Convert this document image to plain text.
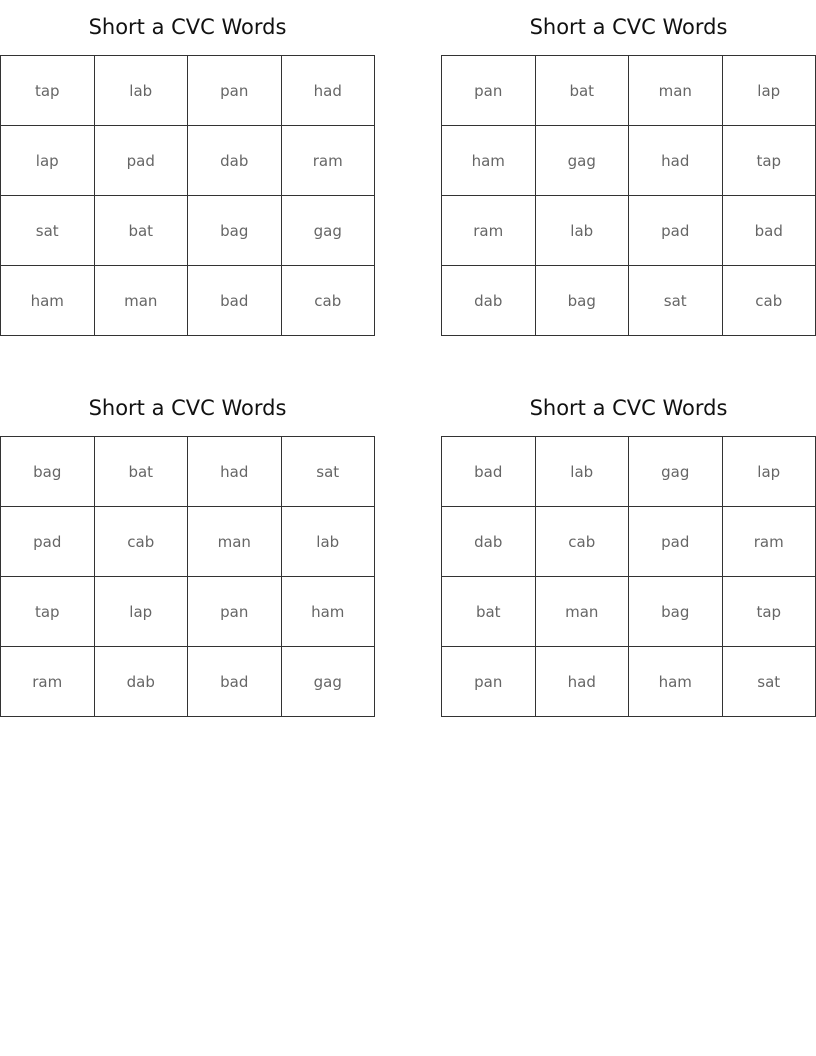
Short a CVC Words
tap	lab	pan	had
lap	pad	dab	ram
sat	bat	bag	gag
ham	man	bad	cab
Short a CVC Words
pan	bat	man	lap
ham	gag	had	tap
ram	lab	pad	bad
dab	bag	sat	cab
Short a CVC Words
bag	bat	had	sat
pad	cab	man	lab
tap	lap	pan	ham
ram	dab	bad	gag
Short a CVC Words
bad	lab	gag	lap
dab	cab	pad	ram
bat	man	bag	tap
pan	had	ham	sat
